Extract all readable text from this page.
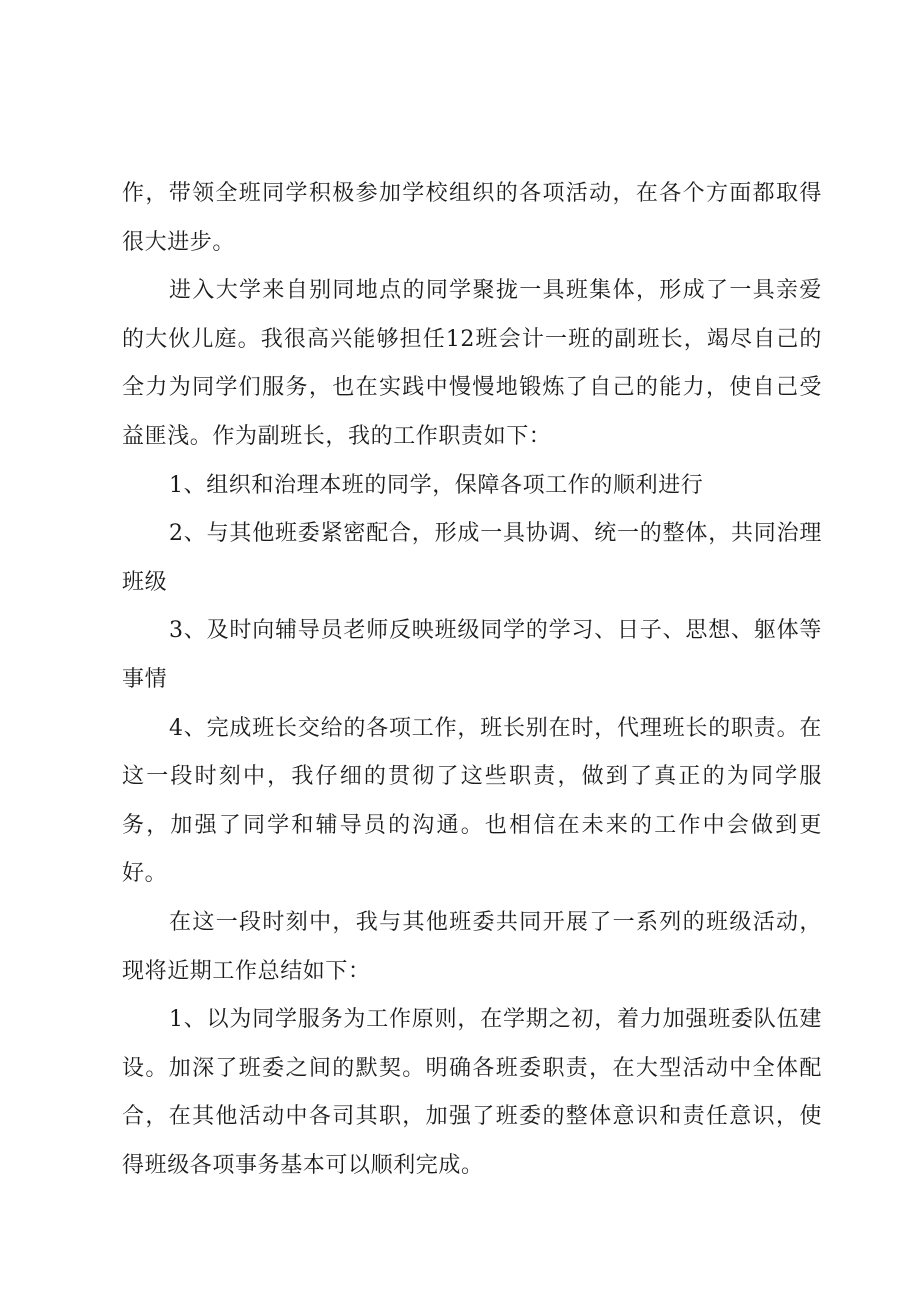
作，带领全班同学积极参加学校组织的各项活动，在各个方面都取得很大进步。

进入大学来自别同地点的同学聚拢一具班集体，形成了一具亲爱的大伙儿庭。我很高兴能够担任12班会计一班的副班长，竭尽自己的全力为同学们服务，也在实践中慢慢地锻炼了自己的能力，使自己受益匪浅。作为副班长，我的工作职责如下：

1、组织和治理本班的同学，保障各项工作的顺利进行

2、与其他班委紧密配合，形成一具协调、统一的整体，共同治理班级

3、及时向辅导员老师反映班级同学的学习、日子、思想、躯体等事情

4、完成班长交给的各项工作，班长别在时，代理班长的职责。在这一段时刻中，我仔细的贯彻了这些职责，做到了真正的为同学服务，加强了同学和辅导员的沟通。也相信在未来的工作中会做到更好。

在这一段时刻中，我与其他班委共同开展了一系列的班级活动，现将近期工作总结如下：

1、以为同学服务为工作原则，在学期之初，着力加强班委队伍建设。加深了班委之间的默契。明确各班委职责，在大型活动中全体配合，在其他活动中各司其职，加强了班委的整体意识和责任意识，使得班级各项事务基本可以顺利完成。
